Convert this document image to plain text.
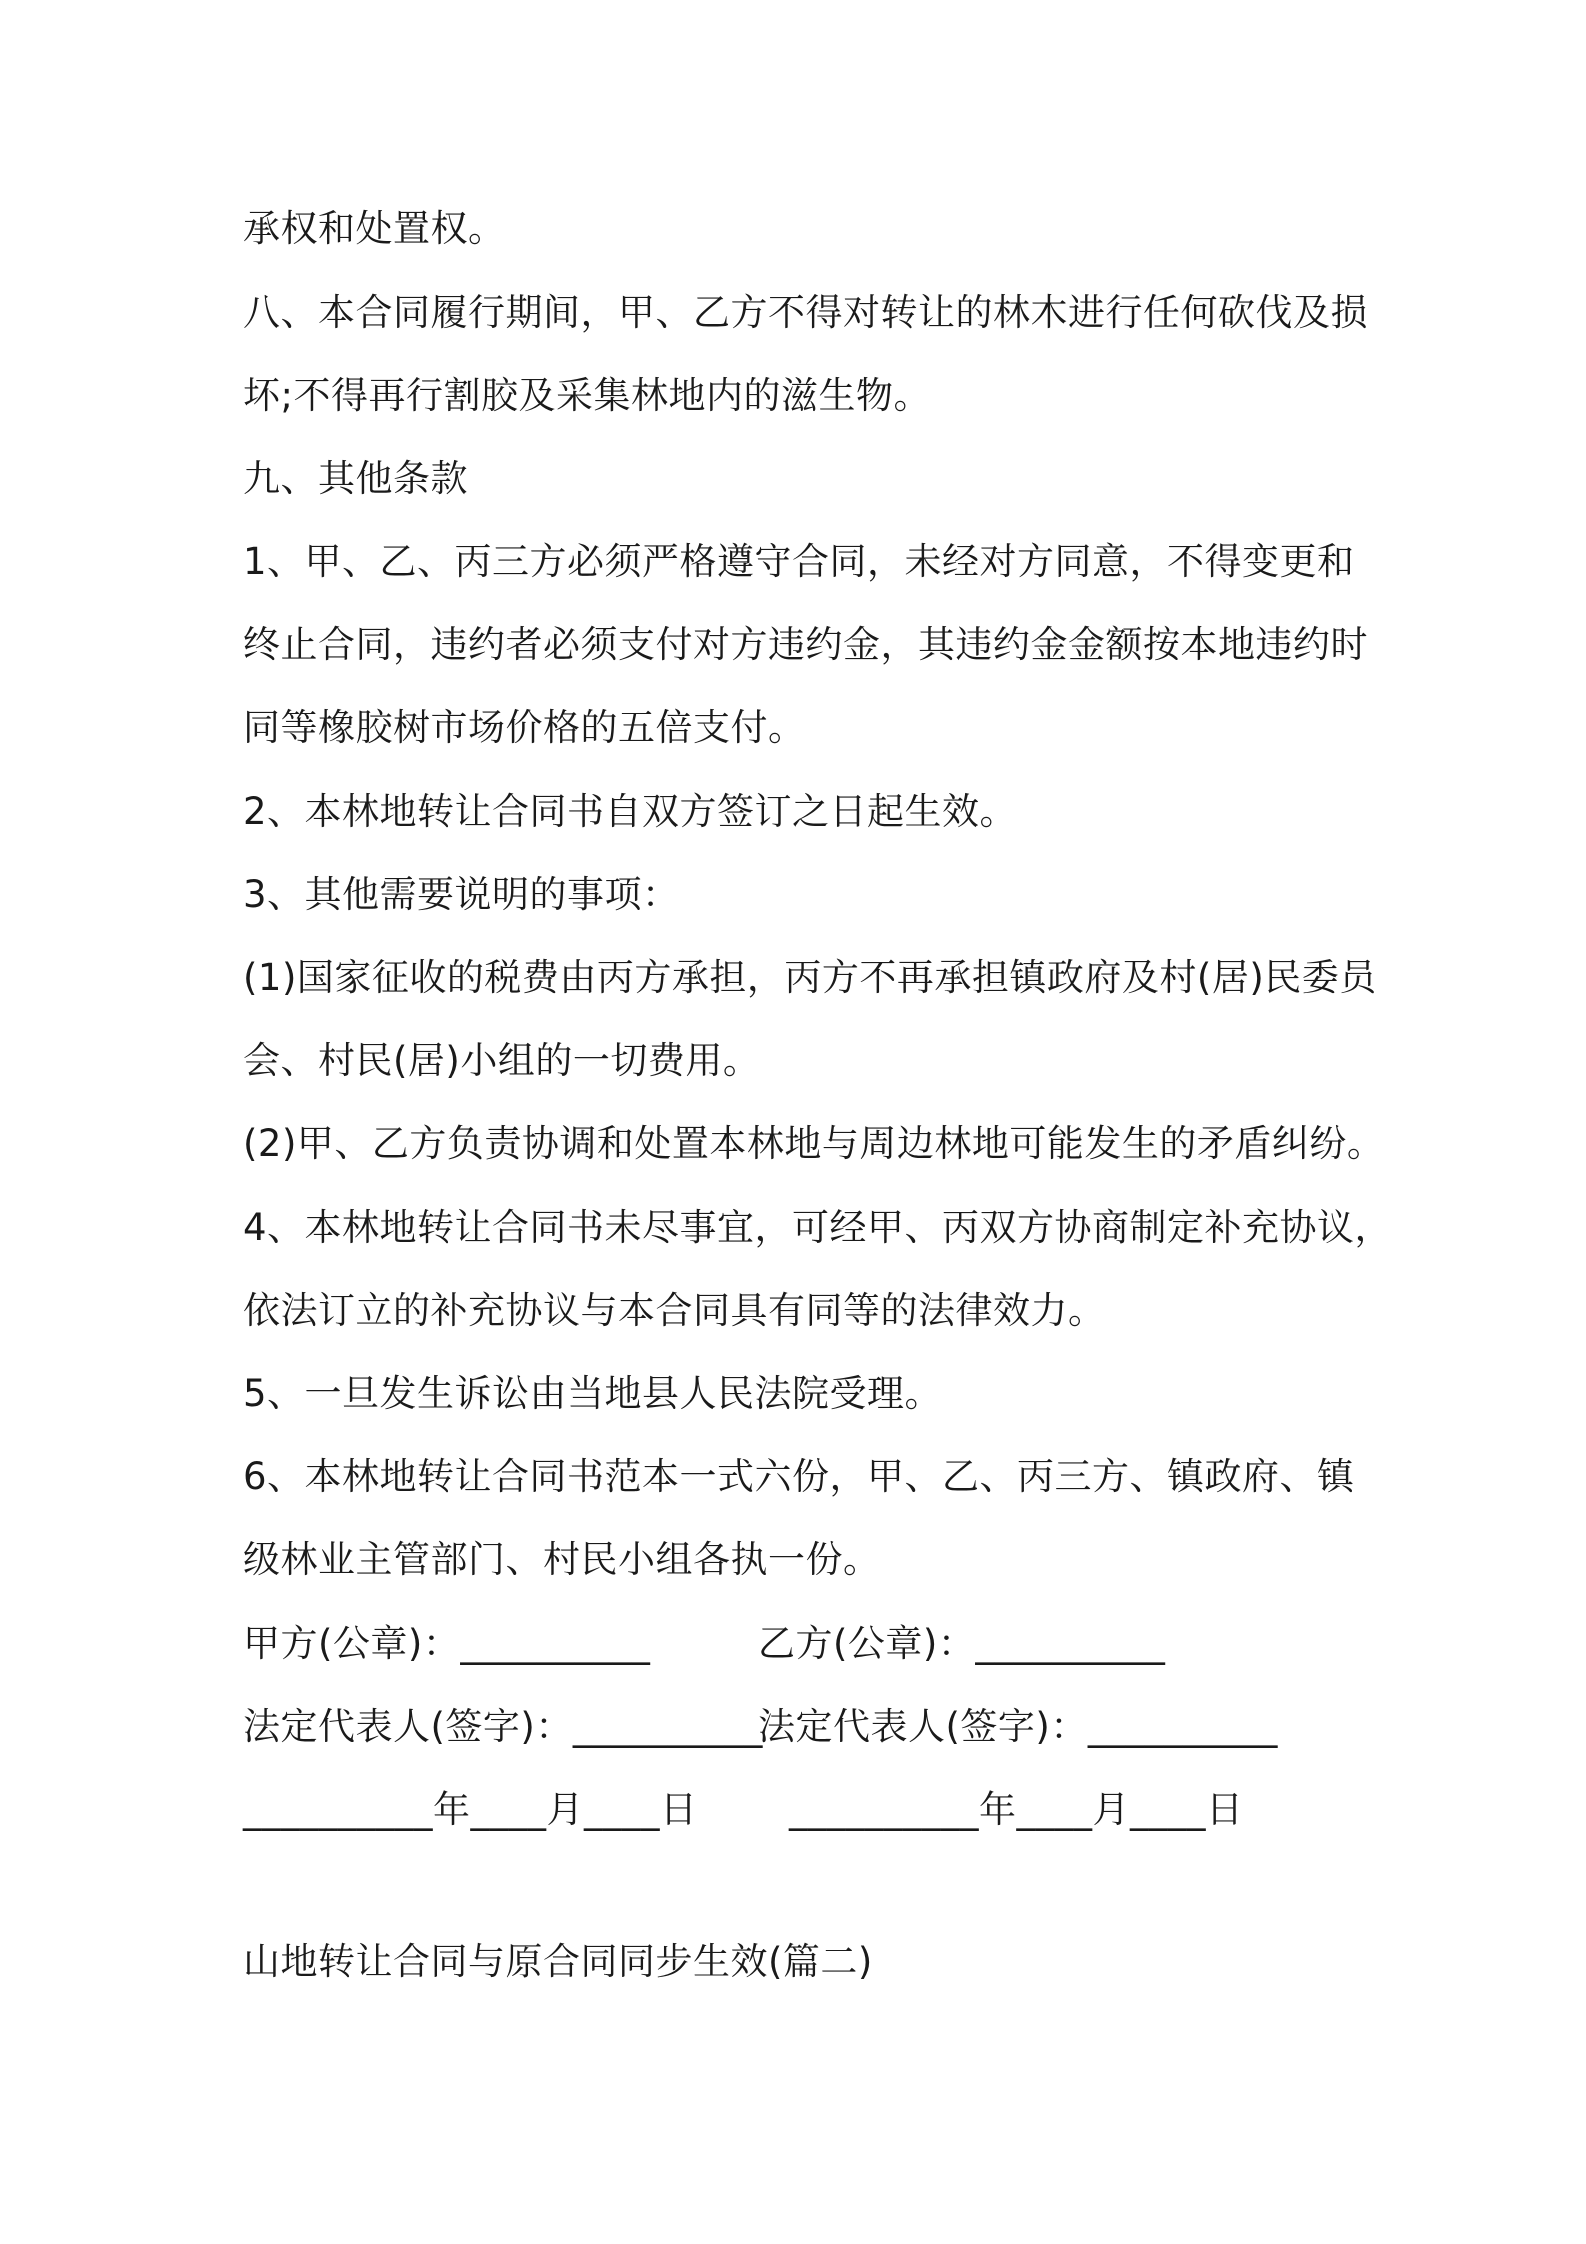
承权和处置权。
八、本合同履行期间，甲、乙方不得对转让的林木进行任何砍伐及损
坏;不得再行割胶及采集林地内的滋生物。
九、其他条款
1、甲、乙、丙三方必须严格遵守合同，未经对方同意，不得变更和
终止合同，违约者必须支付对方违约金，其违约金金额按本地违约时
同等橡胶树市场价格的五倍支付。
2、本林地转让合同书自双方签订之日起生效。
3、其他需要说明的事项：
(1)国家征收的税费由丙方承担，丙方不再承担镇政府及村(居)民委员
会、村民(居)小组的一切费用。
(2)甲、乙方负责协调和处置本林地与周边林地可能发生的矛盾纠纷。
4、本林地转让合同书未尽事宜，可经甲、丙双方协商制定补充协议，
依法订立的补充协议与本合同具有同等的法律效力。
5、一旦发生诉讼由当地县人民法院受理。
6、本林地转让合同书范本一式六份，甲、乙、丙三方、镇政府、镇
级林业主管部门、村民小组各执一份。
甲方(公章)：__________	乙方(公章)：__________
法定代表人(签字)：__________
法定代表人(签字)：__________
__________年____月____日 __________年____月____日
山地转让合同与原合同同步生效(篇二)
